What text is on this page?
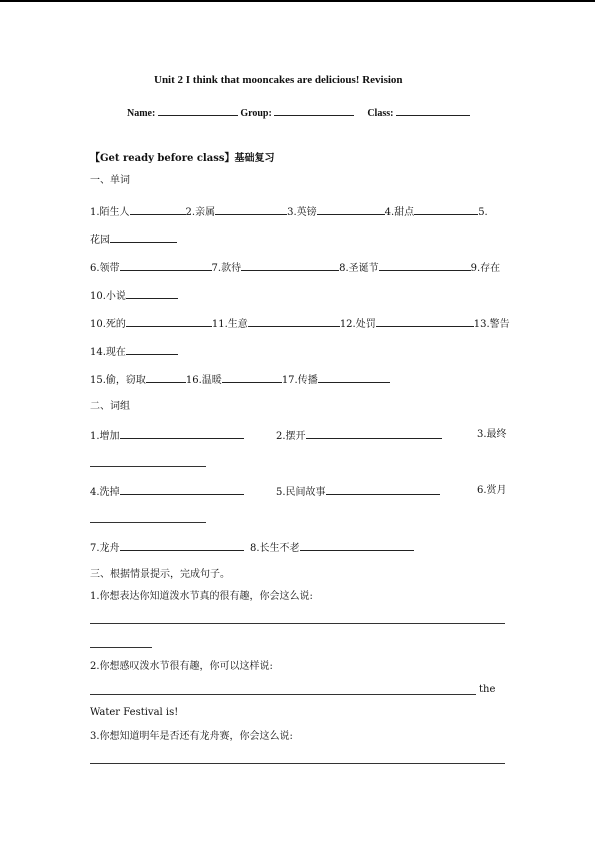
Unit 2 I think that mooncakes are delicious! Revision
Name:	Group:	Class:
【Get ready before class】基础复习
一、单词
1.陌生人	2.亲属	3.英镑	4.甜点	5.
花园
6.领带	7.款待	8.圣诞节	9.存在
10.小说
10.死的	11.生意	12.处罚	13.警告
14.现在
15.偷，窃取	16.温暖	17.传播
二、词组
1.增加	2.摆开	3.最终
4.洗掉	5.民间故事	6.赏月
7.龙舟	8.长生不老
三、根据情景提示，完成句子。
1.你想表达你知道泼水节真的很有趣，你会这么说:
2.你想感叹泼水节很有趣，你可以这样说:
the
Water Festival is!
3.你想知道明年是否还有龙舟赛，你会这么说:
